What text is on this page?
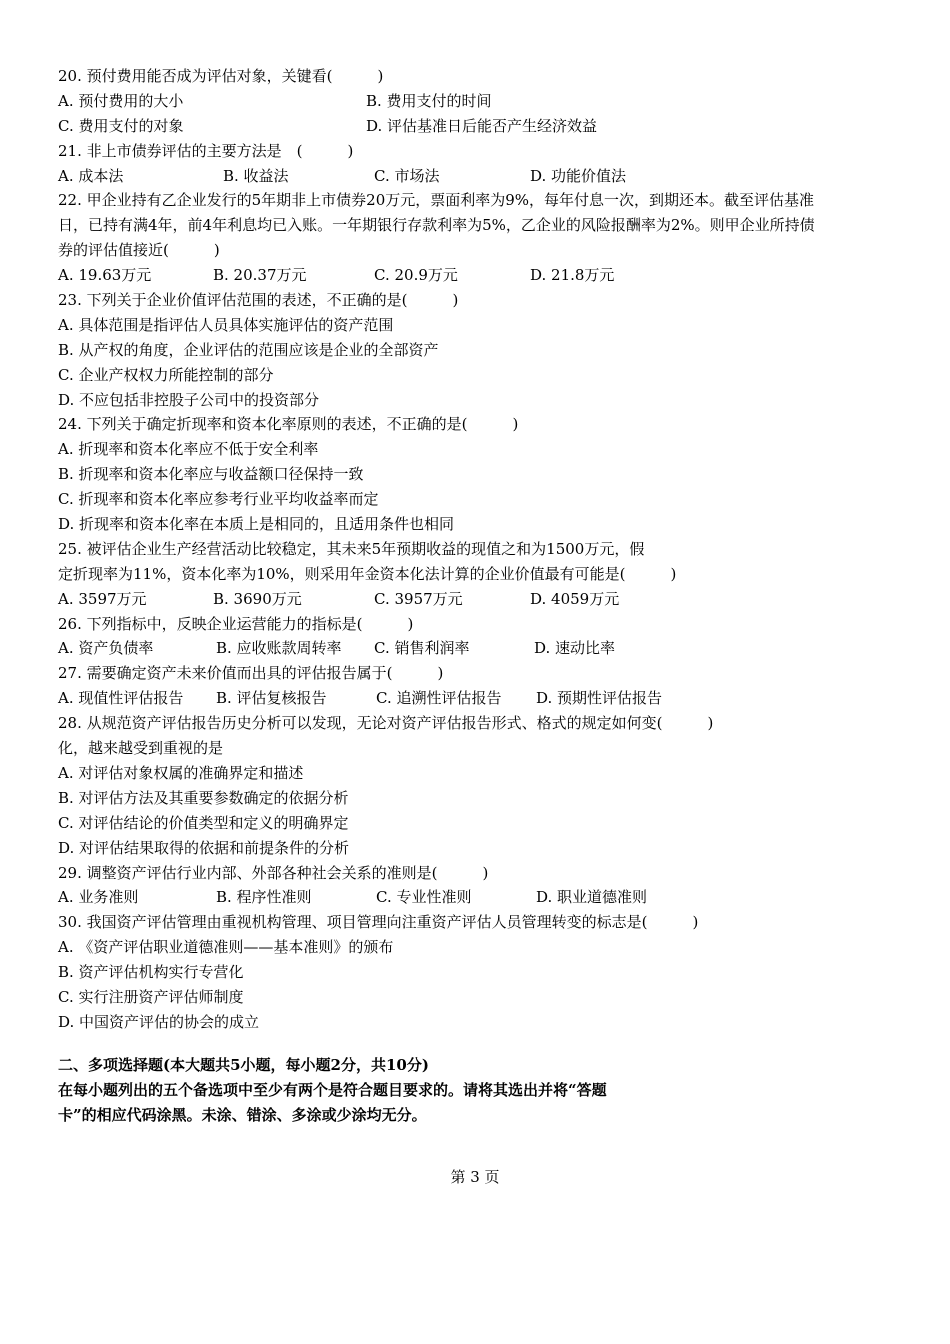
20. 预付费用能否成为评估对象，关键看(　　　)
A. 预付费用的大小	B. 费用支付的时间
C. 费用支付的对象	D. 评估基准日后能否产生经济效益
21. 非上市债券评估的主要方法是　(　　　)
A. 成本法	B. 收益法	C. 市场法	D. 功能价值法
22. 甲企业持有乙企业发行的5年期非上市债券20万元，票面利率为9%，每年付息一次，到期还本。截至评估基准
日，已持有满4年，前4年利息均已入账。一年期银行存款利率为5%，乙企业的风险报酬率为2%。则甲企业所持债
券的评估值接近(　　　)
A. 19.63万元	B. 20.37万元	C. 20.9万元	D. 21.8万元
23. 下列关于企业价值评估范围的表述，不正确的是(　　　)
A. 具体范围是指评估人员具体实施评估的资产范围
B. 从产权的角度，企业评估的范围应该是企业的全部资产
C. 企业产权权力所能控制的部分
D. 不应包括非控股子公司中的投资部分
24. 下列关于确定折现率和资本化率原则的表述，不正确的是(　　　)
A. 折现率和资本化率应不低于安全利率
B. 折现率和资本化率应与收益额口径保持一致
C. 折现率和资本化率应参考行业平均收益率而定
D. 折现率和资本化率在本质上是相同的，且适用条件也相同
25. 被评估企业生产经营活动比较稳定，其未来5年预期收益的现值之和为1500万元，假
定折现率为11%，资本化率为10%，则采用年金资本化法计算的企业价值最有可能是(　　　)
A. 3597万元	B. 3690万元	C. 3957万元	D. 4059万元
26. 下列指标中，反映企业运营能力的指标是(　　　)
A. 资产负债率	B. 应收账款周转率 C. 销售利润率	D. 速动比率
27. 需要确定资产未来价值而出具的评估报告属于(　　　)
A. 现值性评估报告 B. 评估复核报告	C. 追溯性评估报告 D. 预期性评估报告
28. 从规范资产评估报告历史分析可以发现，无论对资产评估报告形式、格式的规定如何变(　　　)
化，越来越受到重视的是
A. 对评估对象权属的准确界定和描述
B. 对评估方法及其重要参数确定的依据分析
C. 对评估结论的价值类型和定义的明确界定
D. 对评估结果取得的依据和前提条件的分析
29. 调整资产评估行业内部、外部各种社会关系的准则是(　　　)
A. 业务准则	B. 程序性准则	C. 专业性准则	D. 职业道德准则
30. 我国资产评估管理由重视机构管理、项目管理向注重资产评估人员管理转变的标志是(　　　)
A. 《资产评估职业道德准则——基本准则》的颁布
B. 资产评估机构实行专营化
C. 实行注册资产评估师制度
D. 中国资产评估的协会的成立
二、多项选择题(本大题共5小题，每小题2分，共10分)
在每小题列出的五个备选项中至少有两个是符合题目要求的。请将其选出并将“答题
卡”的相应代码涂黑。未涂、错涂、多涂或少涂均无分。
第 3 页
